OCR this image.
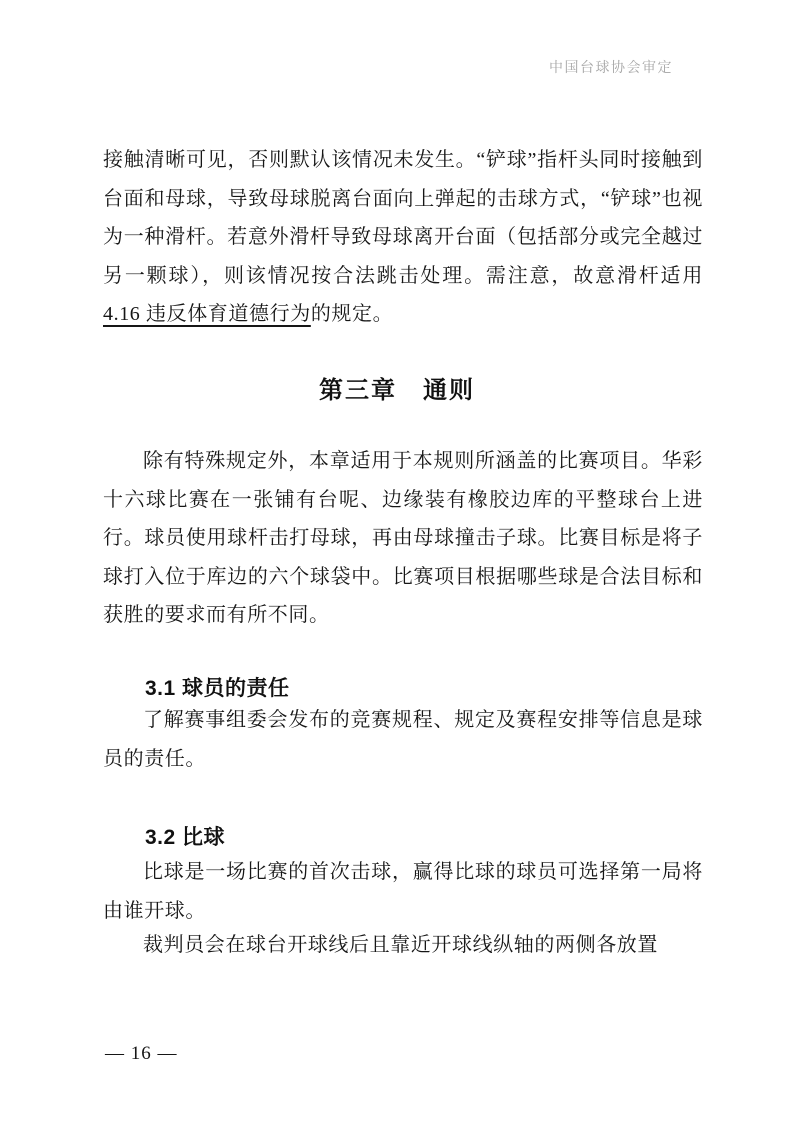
中国台球协会审定

接触清晰可见，否则默认该情况未发生。“铲球”指杆头同时接触到台面和母球，导致母球脱离台面向上弹起的击球方式，“铲球”也视为一种滑杆。若意外滑杆导致母球离开台面（包括部分或完全越过另一颗球），则该情况按合法跳击处理。需注意，故意滑杆适用 4.16 违反体育道德行为的规定。

第三章　通则

除有特殊规定外，本章适用于本规则所涵盖的比赛项目。华彩十六球比赛在一张铺有台呢、边缘装有橡胶边库的平整球台上进行。球员使用球杆击打母球，再由母球撞击子球。比赛目标是将子球打入位于库边的六个球袋中。比赛项目根据哪些球是合法目标和获胜的要求而有所不同。

3.1 球员的责任

了解赛事组委会发布的竞赛规程、规定及赛程安排等信息是球员的责任。

3.2 比球

比球是一场比赛的首次击球，赢得比球的球员可选择第一局将由谁开球。

裁判员会在球台开球线后且靠近开球线纵轴的两侧各放置

— 16 —
